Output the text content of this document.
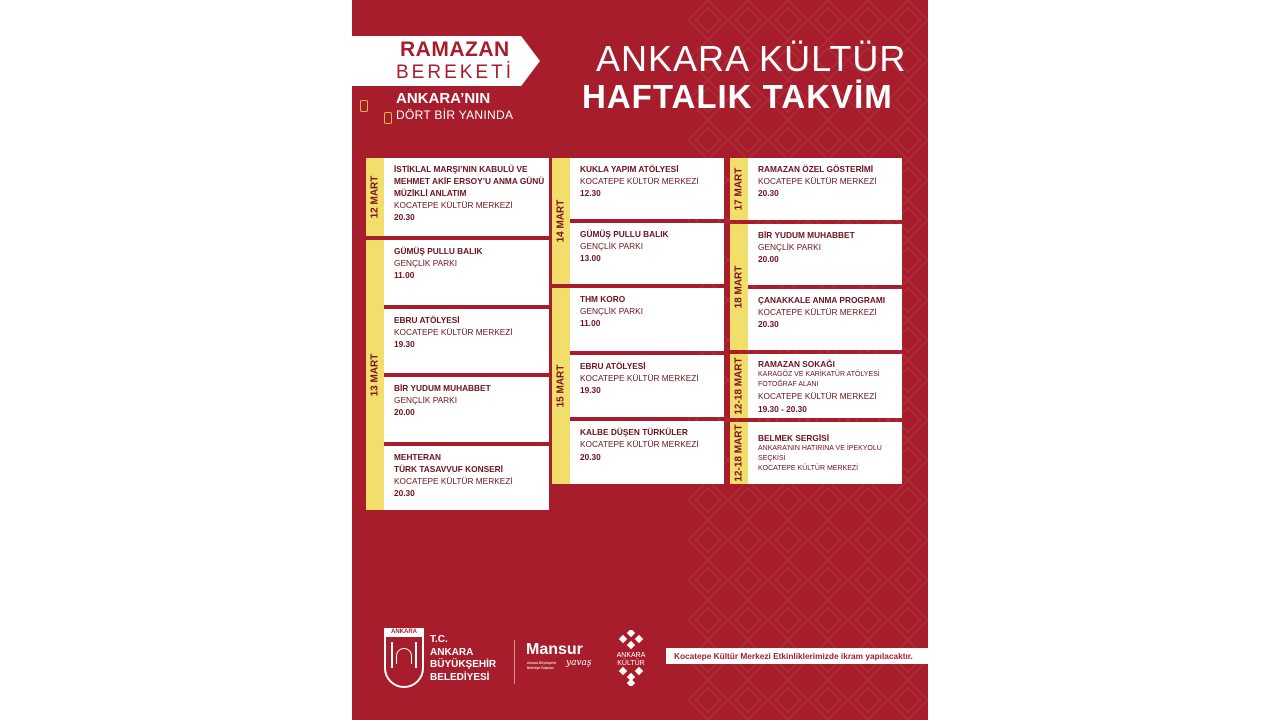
RAMAZAN
BEREKETİ
ANKARA’NIN
DÖRT BİR YANINDA
ANKARA KÜLTÜR
HAFTALIK TAKVİM
12 MART
İSTİKLAL MARŞI’NIN KABULÜ VE
MEHMET AKİF ERSOY’U ANMA GÜNÜ
MÜZİKLİ ANLATIM
KOCATEPE KÜLTÜR MERKEZİ
20.30
13 MART
GÜMÜŞ PULLU BALIK
GENÇLİK PARKI
11.00
EBRU ATÖLYESİ
KOCATEPE KÜLTÜR MERKEZİ
19.30
BİR YUDUM MUHABBET
GENÇLİK PARKI
20.00
MEHTERAN
TÜRK TASAVVUF KONSERİ
KOCATEPE KÜLTÜR MERKEZİ
20.30
14 MART
KUKLA YAPIM ATÖLYESİ
KOCATEPE KÜLTÜR MERKEZİ
12.30
GÜMÜŞ PULLU BALIK
GENÇLİK PARKI
13.00
15 MART
THM KORO
GENÇLİK PARKI
11.00
EBRU ATÖLYESİ
KOCATEPE KÜLTÜR MERKEZİ
19.30
KALBE DÜŞEN TÜRKÜLER
KOCATEPE KÜLTÜR MERKEZİ
20.30
17 MART RAMAZAN ÖZEL GÖSTERİMİ
KOCATEPE KÜLTÜR MERKEZİ
20.30
18 MART
BİR YUDUM MUHABBET
GENÇLİK PARKI
20.00
ÇANAKKALE ANMA PROGRAMI
KOCATEPE KÜLTÜR MERKEZİ
20.30
12-18 MART RAMAZAN SOKAĞI
KARAGÖZ VE KARİKATÜR ATÖLYESİ
FOTOĞRAF ALANI
KOCATEPE KÜLTÜR MERKEZİ
19.30 - 20.30
12-18 MART BELMEK SERGİSİ
ANKARA’NIN HATIRINA VE İPEKYOLU SEÇKİSİ
KOCATEPE KÜLTÜR MERKEZİ
ANKARA
T.C.
ANKARA
BÜYÜKŞEHİR
BELEDİYESİ
Mansur
Ankara Büyükşehir Belediye Başkanı	yavaş
ANKARA
KÜLTÜR
Kocatepe Kültür Merkezi Etkinliklerimizde ikram yapılacaktır.
